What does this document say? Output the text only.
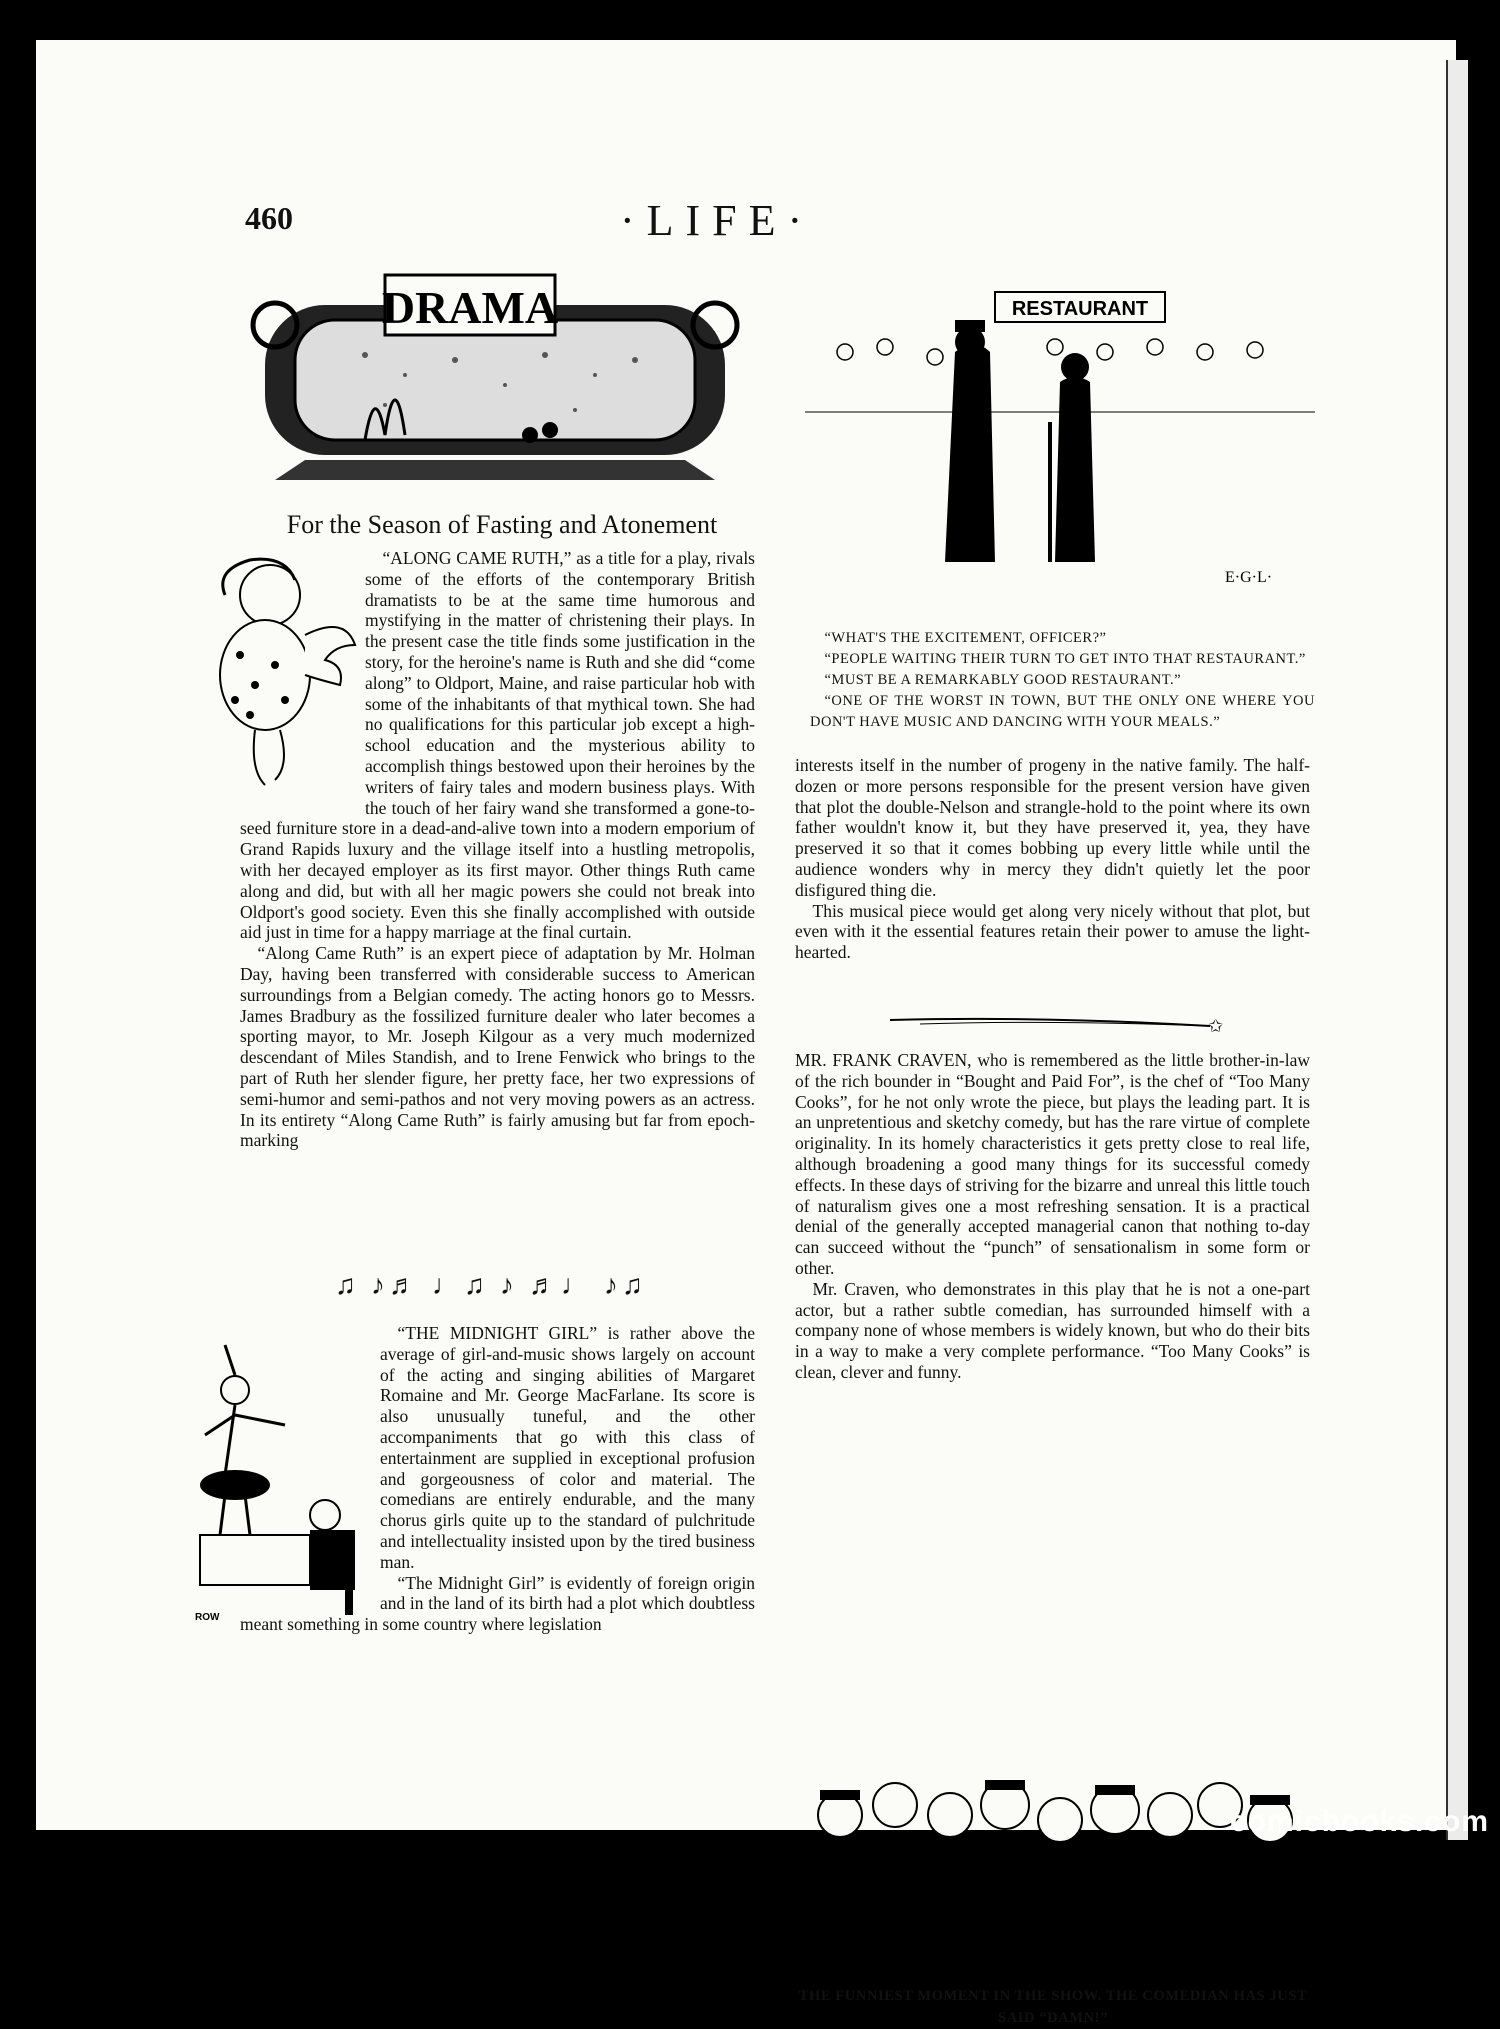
460	·LIFE·
DRAMA
For the Season of Fasting and Atonement

“ALONG CAME RUTH,” as a title for a play, rivals some of the efforts of the contemporary British dramatists to be at the same time humorous and mystifying in the matter of christening their plays. In the present case the title finds some justification in the story, for the heroine's name is Ruth and she did “come along” to Oldport, Maine, and raise particular hob with some of the inhabitants of that mythical town. She had no qualifications for this particular job except a high-school education and the mysterious ability to accomplish things bestowed upon their heroines by the writers of fairy tales and modern business plays. With the touch of her fairy wand she transformed a gone-to-seed furniture store in a dead-and-alive town into a modern emporium of Grand Rapids luxury and the village itself into a hustling metropolis, with her decayed employer as its first mayor. Other things Ruth came along and did, but with all her magic powers she could not break into Oldport's good society. Even this she finally accomplished with outside aid just in time for a happy marriage at the final curtain.

“Along Came Ruth” is an expert piece of adaptation by Mr. Holman Day, having been transferred with considerable success to American surroundings from a Belgian comedy. The acting honors go to Messrs. James Bradbury as the fossilized furniture dealer who later becomes a sporting mayor, to Mr. Joseph Kilgour as a very much modernized descendant of Miles Standish, and to Irene Fenwick who brings to the part of Ruth her slender figure, her pretty face, her two expressions of semi-humor and semi-pathos and not very moving powers as an actress. In its entirety “Along Came Ruth” is fairly amusing but far from epoch-marking

♫ ♪♬ ♩♫ ♪ ♬♩ ♪♫
ROW

“THE MIDNIGHT GIRL” is rather above the average of girl-and-music shows largely on account of the acting and singing abilities of Margaret Romaine and Mr. George MacFarlane. Its score is also unusually tuneful, and the other accompaniments that go with this class of entertainment are supplied in exceptional profusion and gorgeousness of color and material. The comedians are entirely endurable, and the many chorus girls quite up to the standard of pulchritude and intellectuality insisted upon by the tired business man.

“The Midnight Girl” is evidently of foreign origin and in the land of its birth had a plot which doubtless meant something in some country where legislation

RESTAURANT
E·G·L·
“WHAT'S THE EXCITEMENT, OFFICER?”
“PEOPLE WAITING THEIR TURN TO GET INTO THAT RESTAURANT.”
“MUST BE A REMARKABLY GOOD RESTAURANT.”
“ONE OF THE WORST IN TOWN, BUT THE ONLY ONE WHERE YOU DON'T HAVE MUSIC AND DANCING WITH YOUR MEALS.”

interests itself in the number of progeny in the native family. The half-dozen or more persons responsible for the present version have given that plot the double-Nelson and strangle-hold to the point where its own father wouldn't know it, but they have preserved it, yea, they have preserved it so that it comes bobbing up every little while until the audience wonders why in mercy they didn't quietly let the poor disfigured thing die.

This musical piece would get along very nicely without that plot, but even with it the essential features retain their power to amuse the light-hearted.

✩

MR. FRANK CRAVEN, who is remembered as the little brother-in-law of the rich bounder in “Bought and Paid For”, is the chef of “Too Many Cooks”, for he not only wrote the piece, but plays the leading part. It is an unpretentious and sketchy comedy, but has the rare virtue of complete originality. In its homely characteristics it gets pretty close to real life, although broadening a good many things for its successful comedy effects. In these days of striving for the bizarre and unreal this little touch of naturalism gives one a most refreshing sensation. It is a practical denial of the generally accepted managerial canon that nothing to-day can succeed without the “punch” of sensationalism in some form or other.

Mr. Craven, who demonstrates in this play that he is not a one-part actor, but a rather subtle comedian, has surrounded himself with a company none of whose members is widely known, but who do their bits in a way to make a very complete performance. “Too Many Cooks” is clean, clever and funny.

THE FUNNIEST MOMENT IN THE SHOW. THE COMEDIAN HAS JUST SAID “DAMN!”
comicbooks.com
